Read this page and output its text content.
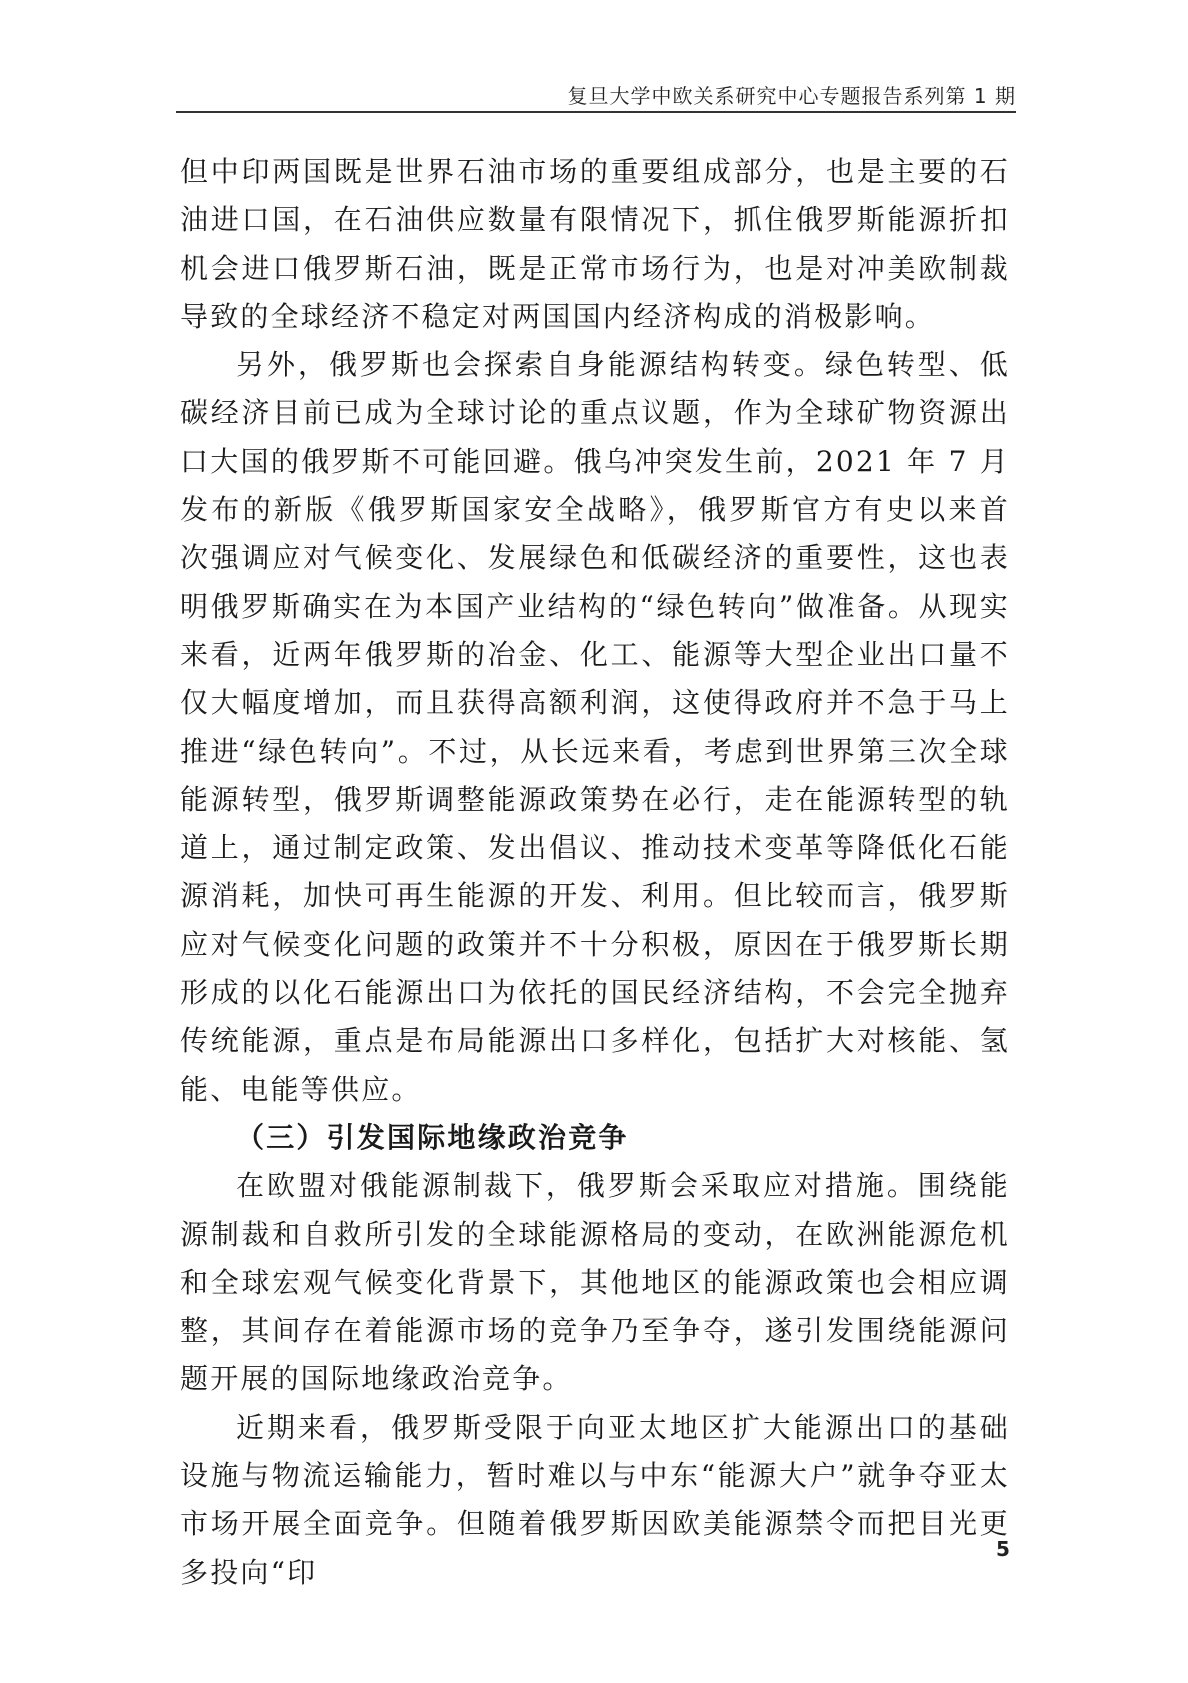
复旦大学中欧关系研究中心专题报告系列第 1 期

但中印两国既是世界石油市场的重要组成部分，也是主要的石油进口国，在石油供应数量有限情况下，抓住俄罗斯能源折扣机会进口俄罗斯石油，既是正常市场行为，也是对冲美欧制裁导致的全球经济不稳定对两国国内经济构成的消极影响。

另外，俄罗斯也会探索自身能源结构转变。绿色转型、低碳经济目前已成为全球讨论的重点议题，作为全球矿物资源出口大国的俄罗斯不可能回避。俄乌冲突发生前，2021 年 7 月发布的新版《俄罗斯国家安全战略》，俄罗斯官方有史以来首次强调应对气候变化、发展绿色和低碳经济的重要性，这也表明俄罗斯确实在为本国产业结构的“绿色转向”做准备。从现实来看，近两年俄罗斯的冶金、化工、能源等大型企业出口量不仅大幅度增加，而且获得高额利润，这使得政府并不急于马上推进“绿色转向”。不过，从长远来看，考虑到世界第三次全球能源转型，俄罗斯调整能源政策势在必行，走在能源转型的轨道上，通过制定政策、发出倡议、推动技术变革等降低化石能源消耗，加快可再生能源的开发、利用。但比较而言，俄罗斯应对气候变化问题的政策并不十分积极，原因在于俄罗斯长期形成的以化石能源出口为依托的国民经济结构，不会完全抛弃传统能源，重点是布局能源出口多样化，包括扩大对核能、氢能、电能等供应。

（三）引发国际地缘政治竞争

在欧盟对俄能源制裁下，俄罗斯会采取应对措施。围绕能源制裁和自救所引发的全球能源格局的变动，在欧洲能源危机和全球宏观气候变化背景下，其他地区的能源政策也会相应调整，其间存在着能源市场的竞争乃至争夺，遂引发围绕能源问题开展的国际地缘政治竞争。

近期来看，俄罗斯受限于向亚太地区扩大能源出口的基础设施与物流运输能力，暂时难以与中东“能源大户”就争夺亚太市场开展全面竞争。但随着俄罗斯因欧美能源禁令而把目光更多投向“印

5
